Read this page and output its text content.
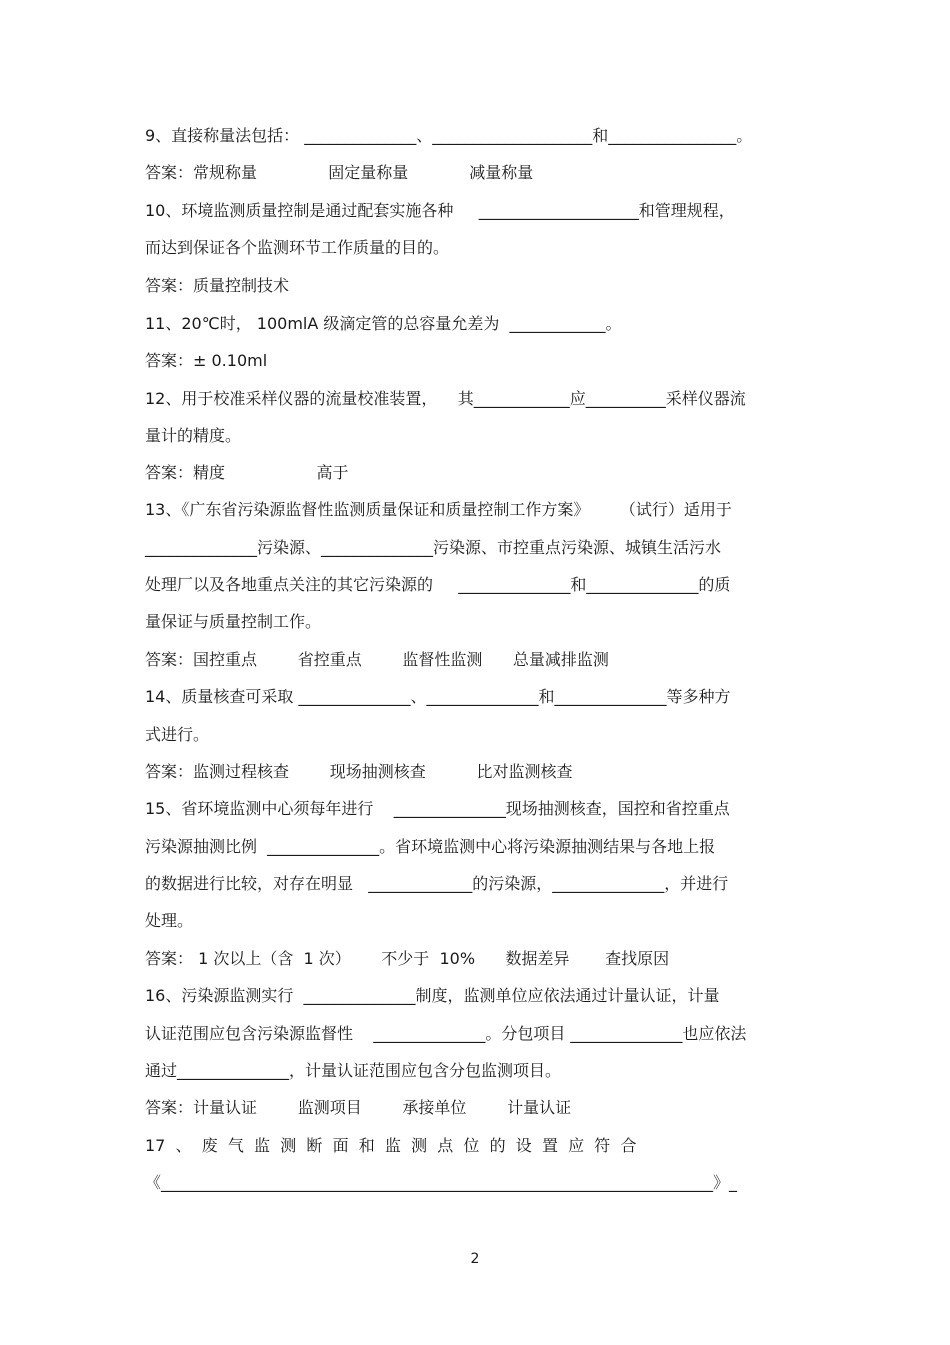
9、直接称量法包括： ______________、____________________和________________。
答案：常规称量              固定量称量            减量称量
10、环境监测质量控制是通过配套实施各种     ____________________和管理规程，
而达到保证各个监测环节工作质量的目的。
答案：质量控制技术
11、20℃时， 100mlA 级滴定管的总容量允差为  ____________。
答案：± 0.10ml
12、用于校准采样仪器的流量校准装置，    其____________应__________采样仪器流
量计的精度。
答案：精度                  高于
13、《广东省污染源监督性监测质量保证和质量控制工作方案》      （试行）适用于
______________污染源、______________污染源、市控重点污染源、城镇生活污水
处理厂以及各地重点关注的其它污染源的     ______________和______________的质
量保证与质量控制工作。
答案：国控重点        省控重点        监督性监测      总量减排监测
14、质量核查可采取 ______________、______________和______________等多种方
式进行。
答案：监测过程核查        现场抽测核查          比对监测核查
15、省环境监测中心须每年进行    ______________现场抽测核查，国控和省控重点
污染源抽测比例  ______________。省环境监测中心将污染源抽测结果与各地上报
的数据进行比较，对存在明显   _____________的污染源，______________，并进行
处理。
答案： 1 次以上（含  1 次）      不少于  10%      数据差异       查找原因
16、污染源监测实行  ______________制度，监测单位应依法通过计量认证，计量
认证范围应包含污染源监督性    ______________。分包项目 ______________也应依法
通过______________，计量认证范围应包含分包监测项目。
答案：计量认证        监测项目        承接单位        计量认证
17  、  废  气  监  测  断  面  和  监  测  点  位  的  设  置  应  符  合
《_____________________________________________________________________》_
2
